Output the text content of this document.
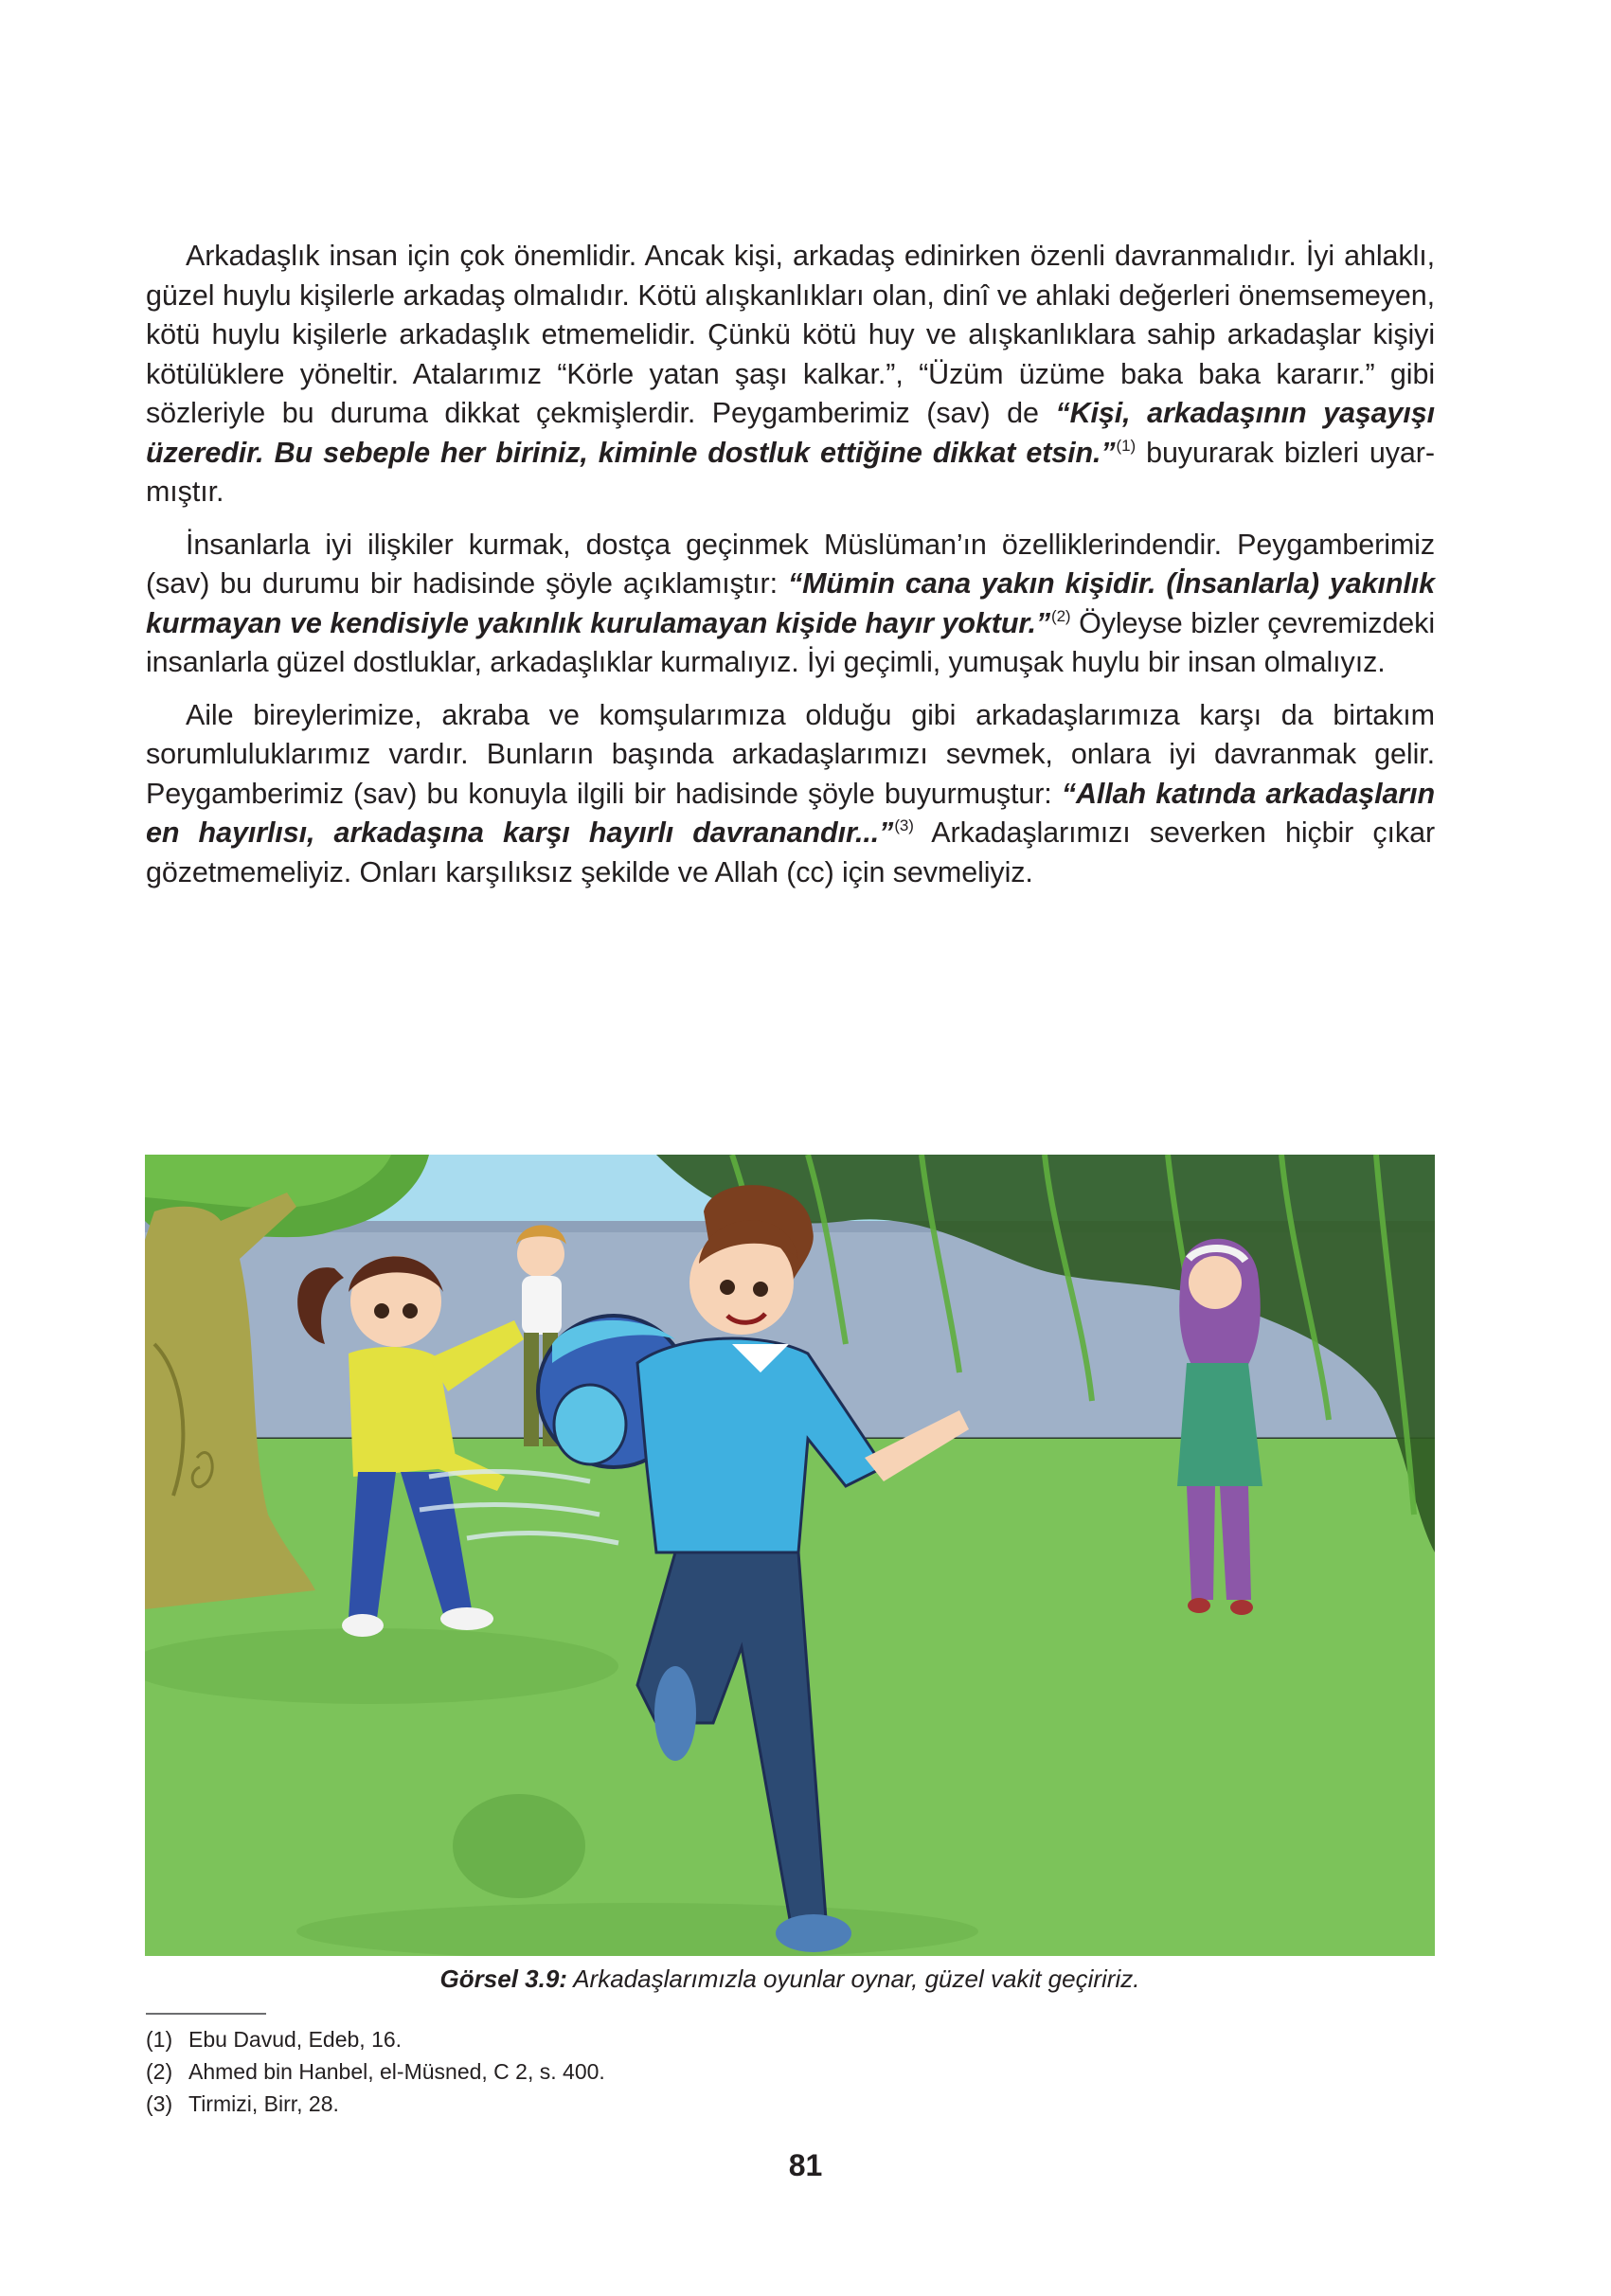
Arkadaşlık insan için çok önemlidir. Ancak kişi, arkadaş edinirken özenli davranmalıdır. İyi ahlaklı, güzel huylu kişilerle arkadaş olmalıdır. Kötü alışkanlıkları olan, dinî ve ahlaki değerleri önemsemeyen, kötü huylu kişilerle arkadaşlık etmemelidir. Çünkü kötü huy ve alışkanlıklara sahip arkadaşlar kişiyi kötülüklere yöneltir. Atalarımız “Körle yatan şaşı kalkar.”, “Üzüm üzüme baka baka kararır.” gibi sözleriyle bu duruma dikkat çekmişlerdir. Peygamberimiz (sav) de “Kişi, arkadaşının yaşayışı üzeredir. Bu sebeple her biriniz, kiminle dostluk ettiğine dikkat etsin.”$^{(1)}$ buyurarak bizleri uyarmıştır.

İnsanlarla iyi ilişkiler kurmak, dostça geçinmek Müslüman’ın özelliklerindendir. Peygamberimiz (sav) bu durumu bir hadisinde şöyle açıklamıştır: “Mümin cana yakın kişidir. (İnsanlarla) yakınlık kurmayan ve kendisiyle yakınlık kurulamayan kişide hayır yoktur.”$^{(2)}$ Öyleyse bizler çevremizdeki insanlarla güzel dostluklar, arkadaşlıklar kurmalıyız. İyi geçimli, yumuşak huylu bir insan olmalıyız.

Aile bireylerimize, akraba ve komşularımıza olduğu gibi arkadaşlarımıza karşı da birtakım sorumluluklarımız vardır. Bunların başında arkadaşlarımızı sevmek, onlara iyi davranmak gelir. Peygamberimiz (sav) bu konuyla ilgili bir hadisinde şöyle buyurmuştur: “Allah katında arkadaşların en hayırlısı, arkadaşına karşı hayırlı davranandır...”$^{(3)}$ Arkadaşlarımızı severken hiçbir çıkar gözetmemeliyiz. Onları karşılıksız şekilde ve Allah (cc) için sevmeliyiz.

Görsel 3.9: Arkadaşlarımızla oyunlar oynar, güzel vakit geçiririz.
(1) Ebu Davud, Edeb, 16.
(2) Ahmed bin Hanbel, el-Müsned, C 2, s. 400.
(3) Tirmizi, Birr, 28.
81
